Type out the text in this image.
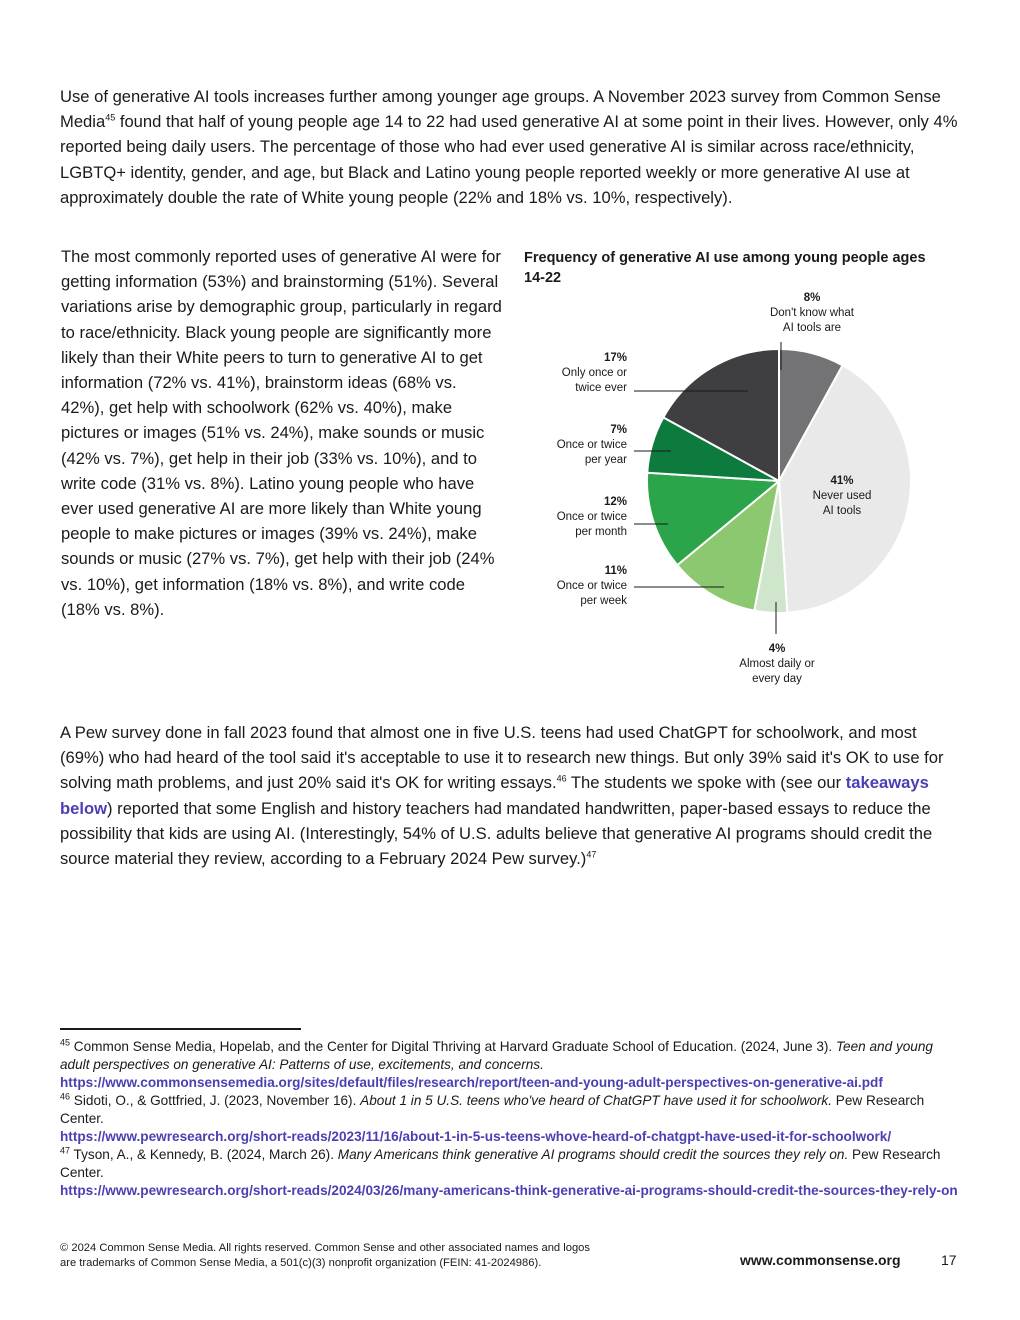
Use of generative AI tools increases further among younger age groups. A November 2023 survey from Common Sense Media$^{45}$ found that half of young people age 14 to 22 had used generative AI at some point in their lives. However, only 4% reported being daily users. The percentage of those who had ever used generative AI is similar across race/ethnicity, LGBTQ+ identity, gender, and age, but Black and Latino young people reported weekly or more generative AI use at approximately double the rate of White young people (22% and 18% vs. 10%, respectively).

The most commonly reported uses of generative AI were for getting information (53%) and brainstorming (51%). Several variations arise by demographic group, particularly in regard to race/ethnicity. Black young people are significantly more likely than their White peers to turn to generative AI to get information (72% vs. 41%), brainstorm ideas (68% vs. 42%), get help with schoolwork (62% vs. 40%), make pictures or images (51% vs. 24%), make sounds or music (42% vs. 7%), get help in their job (33% vs. 10%), and to write code (31% vs. 8%). Latino young people who have ever used generative AI are more likely than White young people to make pictures or images (39% vs. 24%), make sounds or music (27% vs. 7%), get help with their job (24% vs. 10%), get information (18% vs. 8%), and write code (18% vs. 8%).

Frequency of generative AI use among young people ages 14-22
8% Don't know what AI tools are
41% Never used AI tools
4% Almost daily or every day
11% Once or twice per week
12% Once or twice per month
7% Once or twice per year
17% Only once or twice ever

A Pew survey done in fall 2023 found that almost one in five U.S. teens had used ChatGPT for schoolwork, and most (69%) who had heard of the tool said it's acceptable to use it to research new things. But only 39% said it's OK to use for solving math problems, and just 20% said it's OK for writing essays.$^{46}$ The students we spoke with (see our takeaways below) reported that some English and history teachers had mandated handwritten, paper-based essays to reduce the possibility that kids are using AI. (Interestingly, 54% of U.S. adults believe that generative AI programs should credit the source material they review, according to a February 2024 Pew survey.)$^{47}$

$^{45}$ Common Sense Media, Hopelab, and the Center for Digital Thriving at Harvard Graduate School of Education. (2024, June 3). Teen and young adult perspectives on generative AI: Patterns of use, excitements, and concerns.
https://www.commonsensemedia.org/sites/default/files/research/report/teen-and-young-adult-perspectives-on-generative-ai.pdf

$^{46}$ Sidoti, O., & Gottfried, J. (2023, November 16). About 1 in 5 U.S. teens who've heard of ChatGPT have used it for schoolwork. Pew Research Center.
https://www.pewresearch.org/short-reads/2023/11/16/about-1-in-5-us-teens-whove-heard-of-chatgpt-have-used-it-for-schoolwork/

$^{47}$ Tyson, A., & Kennedy, B. (2024, March 26). Many Americans think generative AI programs should credit the sources they rely on. Pew Research Center.
https://www.pewresearch.org/short-reads/2024/03/26/many-americans-think-generative-ai-programs-should-credit-the-sources-they-rely-on

© 2024 Common Sense Media. All rights reserved. Common Sense and other associated names and logos
are trademarks of Common Sense Media, a 501(c)(3) nonprofit organization (FEIN: 41-2024986).	www.commonsense.org	17
